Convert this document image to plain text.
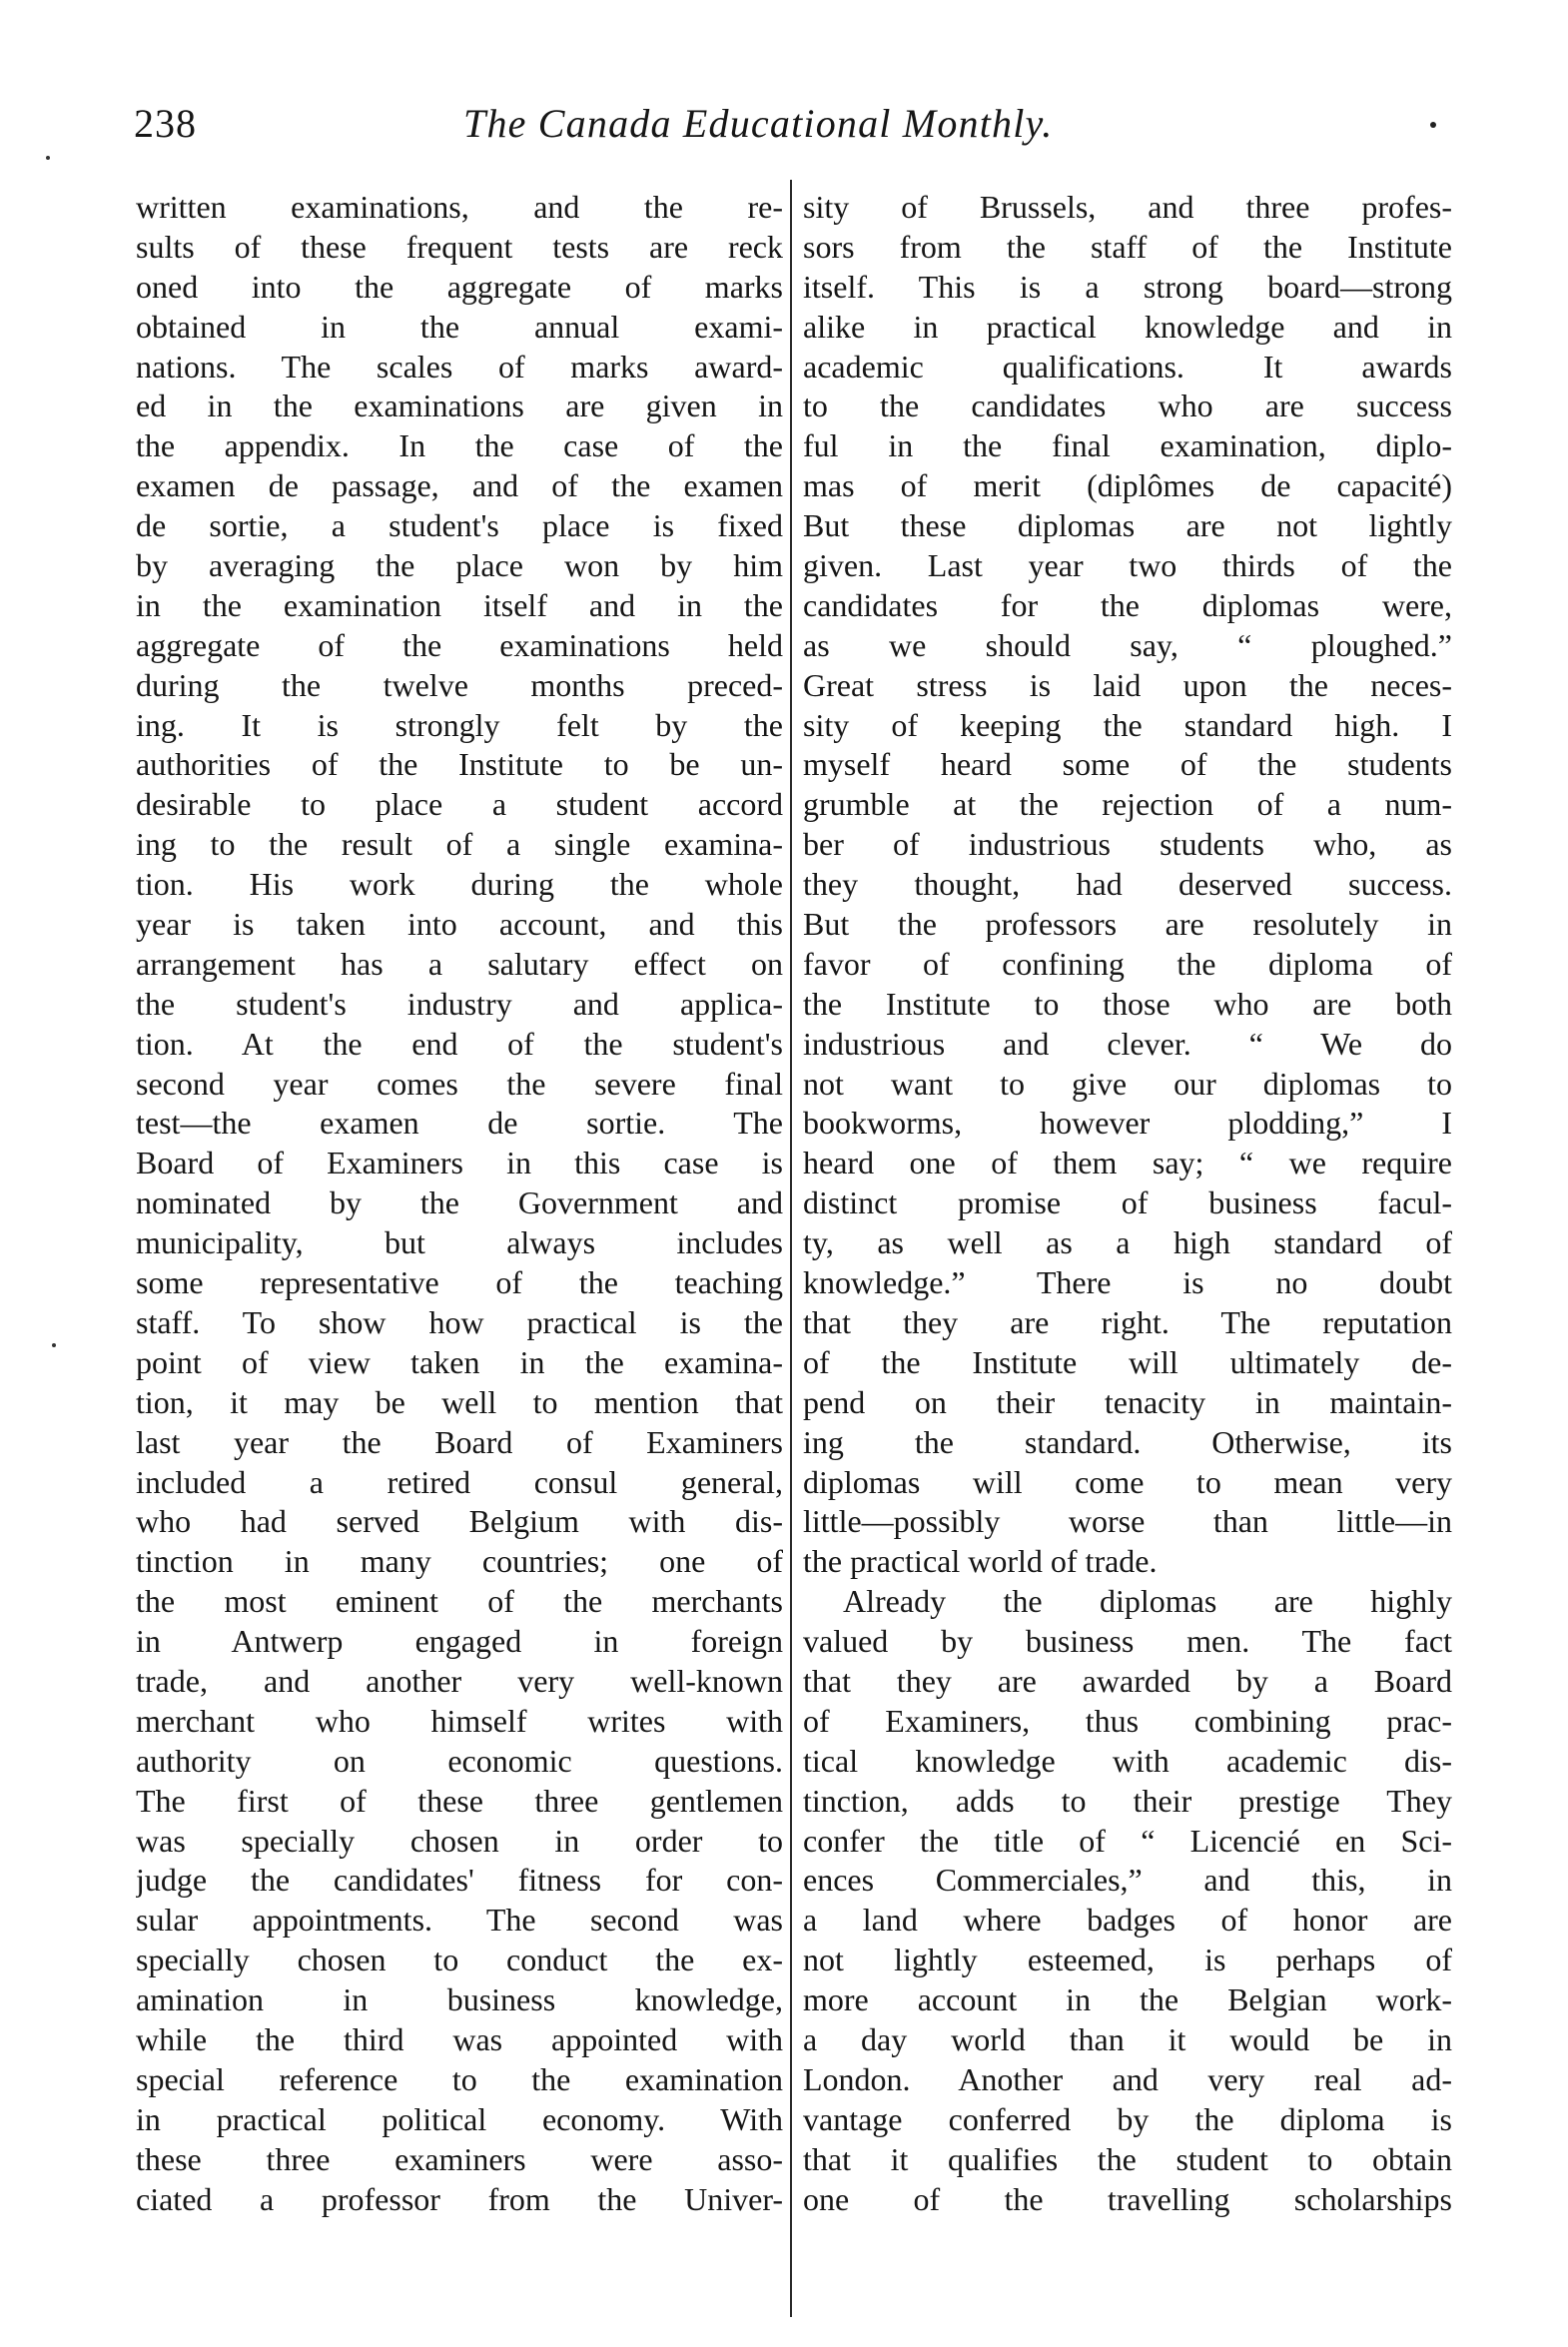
238	The Canada Educational Monthly.
written examinations, and the re-
sults of these frequent tests are reck
oned into the aggregate of marks
obtained in the annual exami-
nations. The scales of marks award-
ed in the examinations are given in
the appendix. In the case of the
examen de passage, and of the examen
de sortie, a student's place is fixed
by averaging the place won by him
in the examination itself and in the
aggregate of the examinations held
during the twelve months preced-
ing. It is strongly felt by the
authorities of the Institute to be un-
desirable to place a student accord
ing to the result of a single examina-
tion. His work during the whole
year is taken into account, and this
arrangement has a salutary effect on
the student's industry and applica-
tion. At the end of the student's
second year comes the severe final
test—the examen de sortie. The
Board of Examiners in this case is
nominated by the Government and
municipality, but always includes
some representative of the teaching
staff. To show how practical is the
point of view taken in the examina-
tion, it may be well to mention that
last year the Board of Examiners
included a retired consul general,
who had served Belgium with dis-
tinction in many countries; one of
the most eminent of the merchants
in Antwerp engaged in foreign
trade, and another very well-known
merchant who himself writes with
authority on economic questions.
The first of these three gentlemen
was specially chosen in order to
judge the candidates' fitness for con-
sular appointments. The second was
specially chosen to conduct the ex-
amination in business knowledge,
while the third was appointed with
special reference to the examination
in practical political economy. With
these three examiners were asso-
ciated a professor from the Univer-
sity of Brussels, and three profes-
sors from the staff of the Institute
itself. This is a strong board—strong
alike in practical knowledge and in
academic qualifications. It awards
to the candidates who are success
ful in the final examination, diplo-
mas of merit (diplômes de capacité)
But these diplomas are not lightly
given. Last year two thirds of the
candidates for the diplomas were,
as we should say, “ ploughed.”
Great stress is laid upon the neces-
sity of keeping the standard high. I
myself heard some of the students
grumble at the rejection of a num-
ber of industrious students who, as
they thought, had deserved success.
But the professors are resolutely in
favor of confining the diploma of
the Institute to those who are both
industrious and clever. “ We do
not want to give our diplomas to
bookworms, however plodding,” I
heard one of them say; “ we require
distinct promise of business facul-
ty, as well as a high standard of
knowledge.” There is no doubt
that they are right. The reputation
of the Institute will ultimately de-
pend on their tenacity in maintain-
ing the standard. Otherwise, its
diplomas will come to mean very
little—possibly worse than little—in
the practical world of trade.
Already the diplomas are highly
valued by business men. The fact
that they are awarded by a Board
of Examiners, thus combining prac-
tical knowledge with academic dis-
tinction, adds to their prestige They
confer the title of “ Licencié en Sci-
ences Commerciales,” and this, in
a land where badges of honor are
not lightly esteemed, is perhaps of
more account in the Belgian work-
a day world than it would be in
London. Another and very real ad-
vantage conferred by the diploma is
that it qualifies the student to obtain
one of the travelling scholarships
